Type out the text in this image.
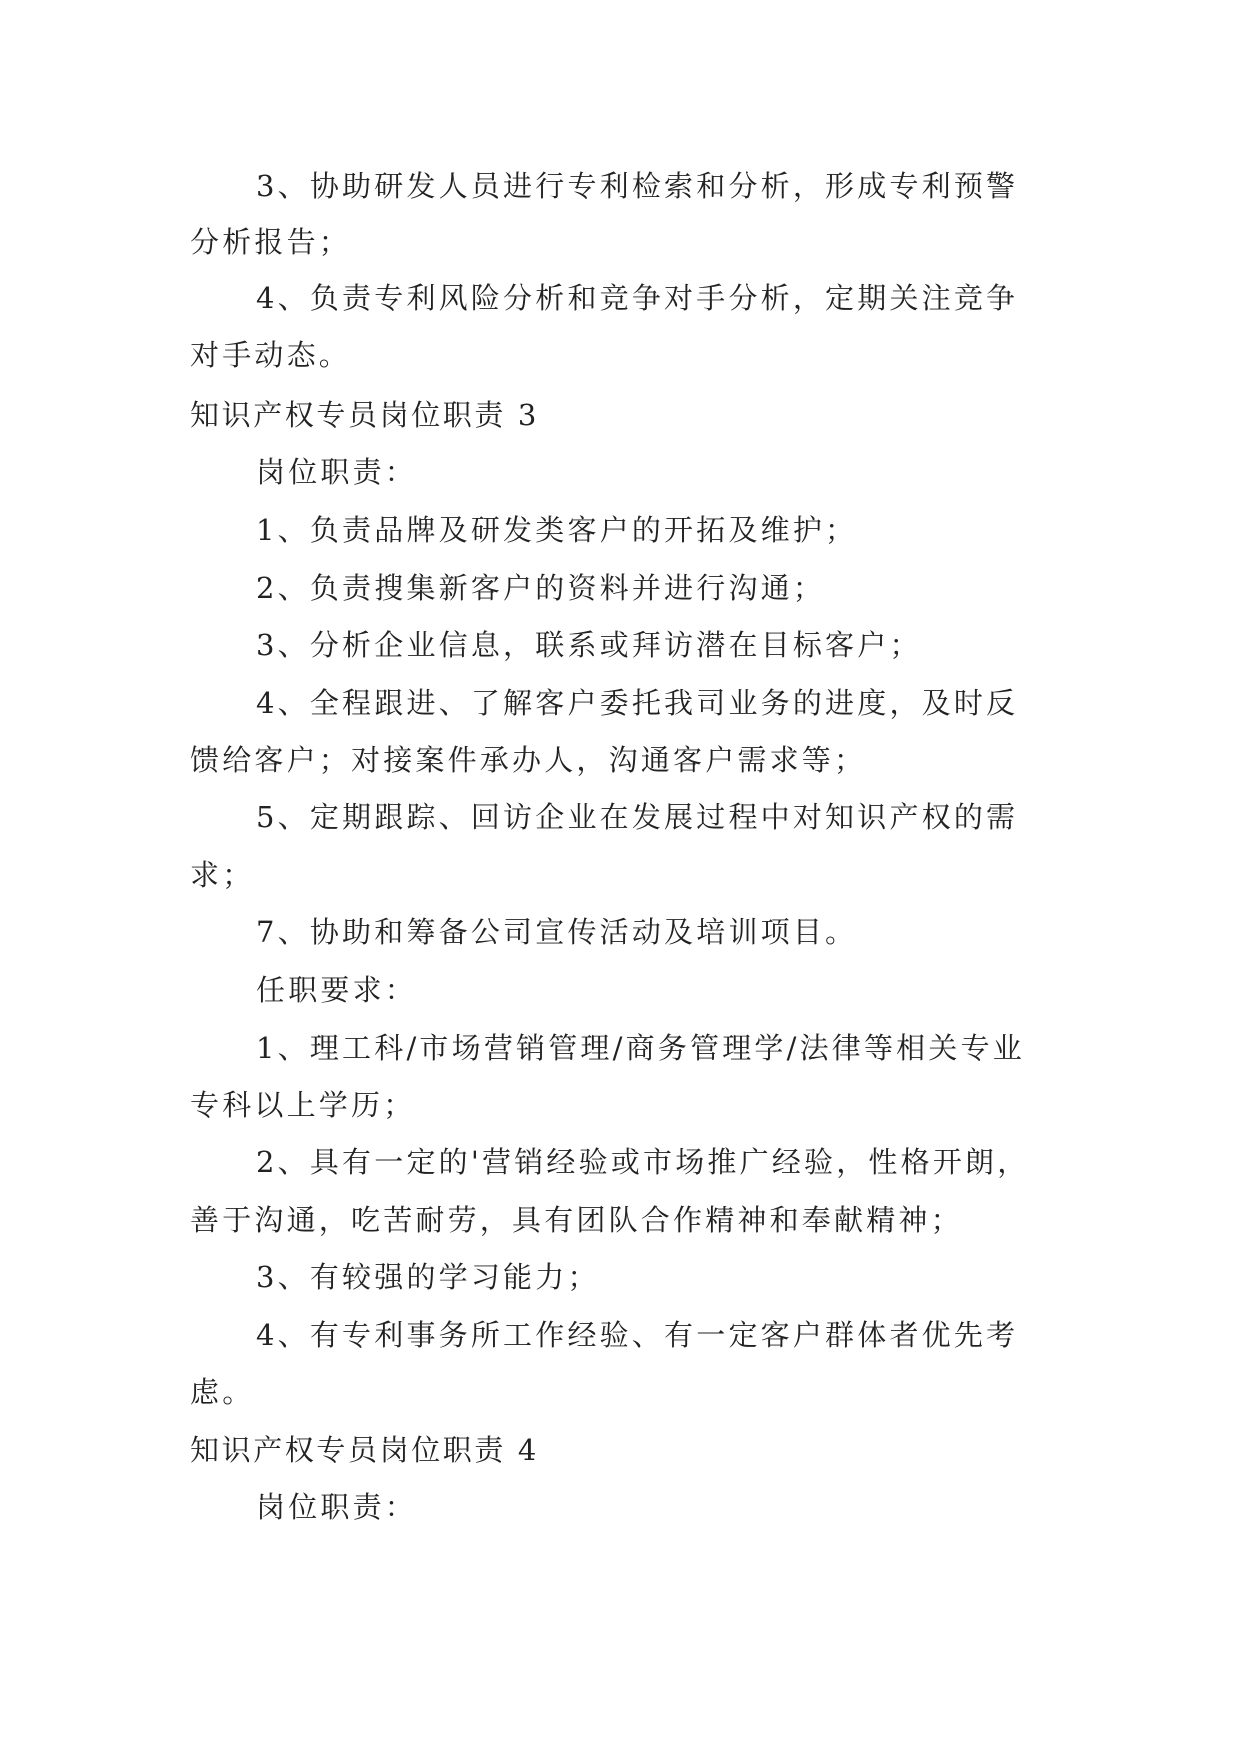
3、协助研发人员进行专利检索和分析，形成专利预警
分析报告；
4、负责专利风险分析和竞争对手分析，定期关注竞争
对手动态。
知识产权专员岗位职责 3
岗位职责：
1、负责品牌及研发类客户的开拓及维护；
2、负责搜集新客户的资料并进行沟通；
3、分析企业信息，联系或拜访潜在目标客户；
4、全程跟进、了解客户委托我司业务的进度，及时反
馈给客户；对接案件承办人，沟通客户需求等；
5、定期跟踪、回访企业在发展过程中对知识产权的需
求；
7、协助和筹备公司宣传活动及培训项目。
任职要求：
1、理工科/市场营销管理/商务管理学/法律等相关专业
专科以上学历；
2、具有一定的'营销经验或市场推广经验，性格开朗，
善于沟通，吃苦耐劳，具有团队合作精神和奉献精神；
3、有较强的学习能力；
4、有专利事务所工作经验、有一定客户群体者优先考
虑。
知识产权专员岗位职责 4
岗位职责：
